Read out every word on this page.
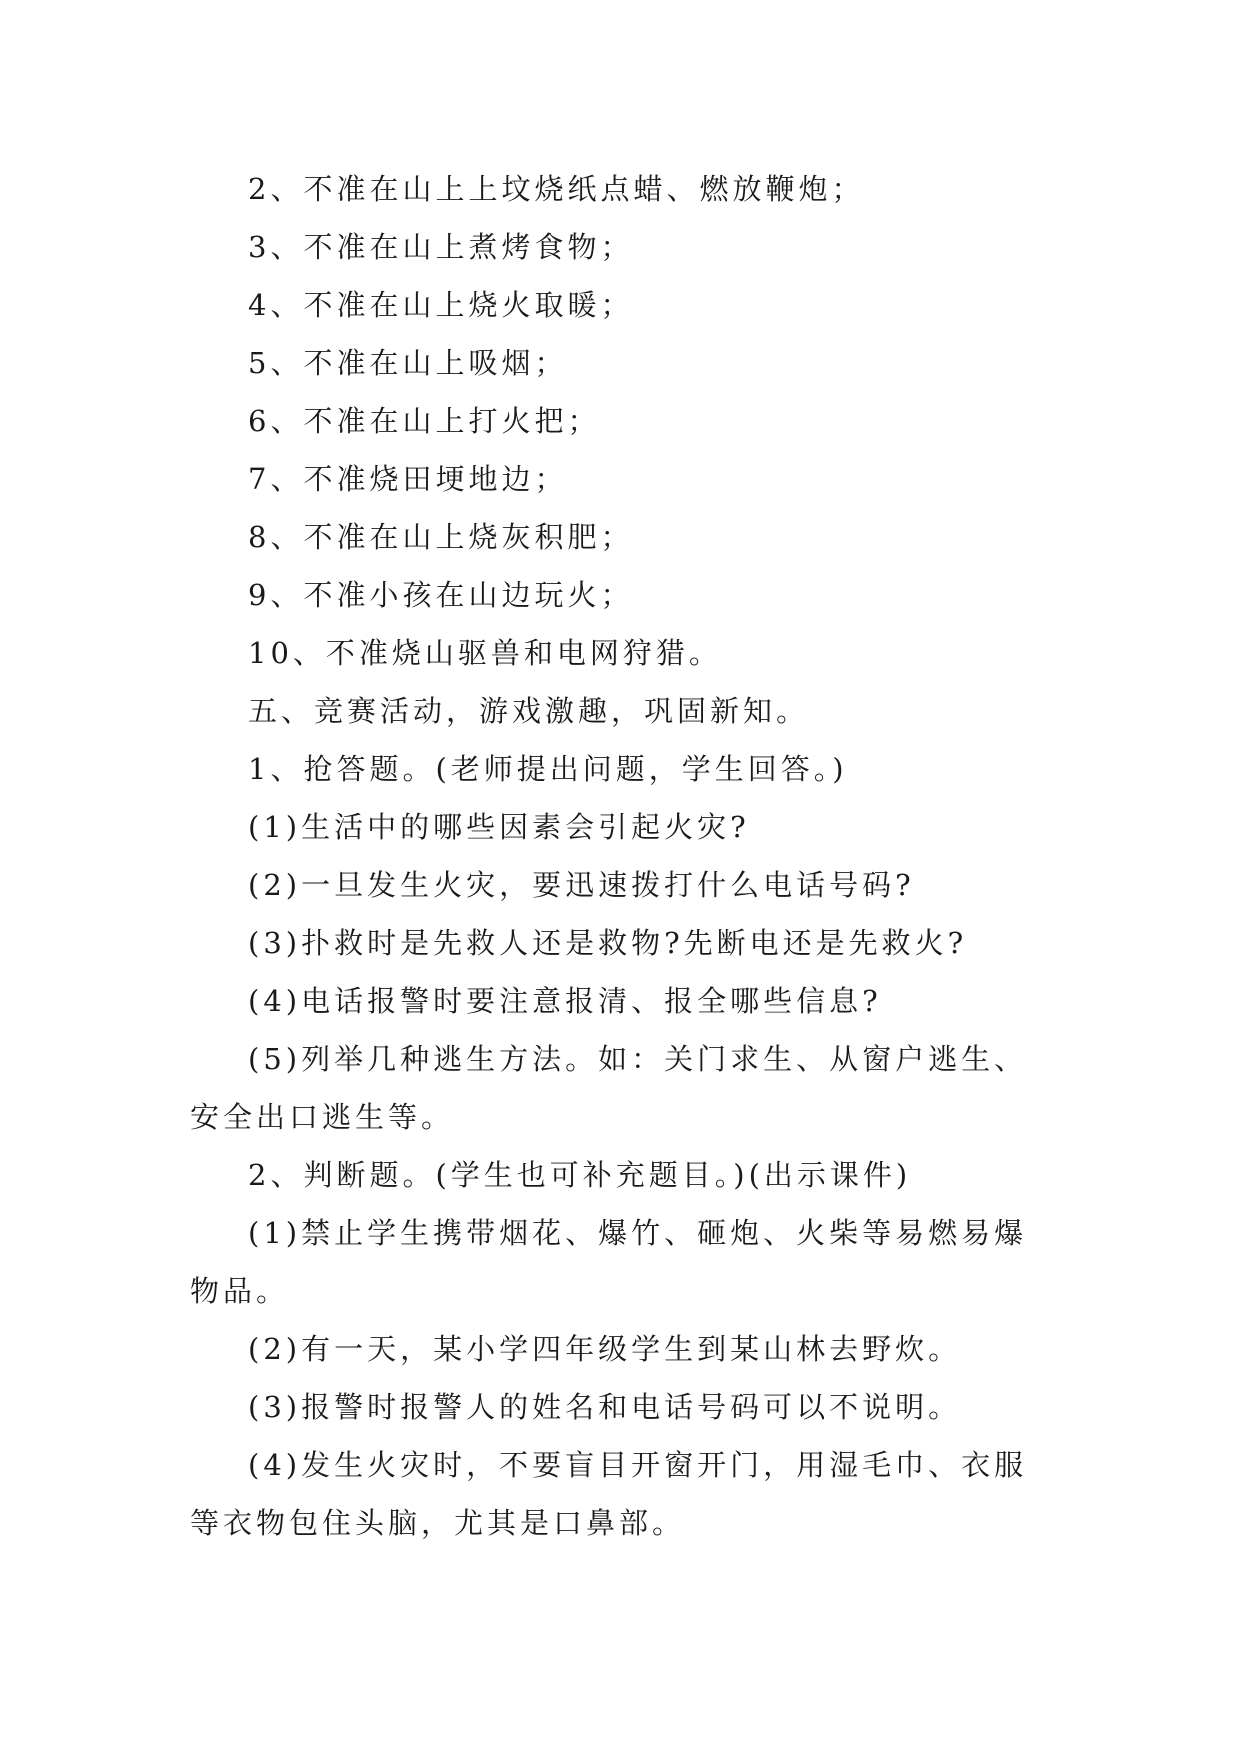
2、不准在山上上坟烧纸点蜡、燃放鞭炮；

3、不准在山上煮烤食物；

4、不准在山上烧火取暖；

5、不准在山上吸烟；

6、不准在山上打火把；

7、不准烧田埂地边；

8、不准在山上烧灰积肥；

9、不准小孩在山边玩火；

10、不准烧山驱兽和电网狩猎。

五、竞赛活动，游戏激趣，巩固新知。

1、抢答题。(老师提出问题，学生回答。)

(1)生活中的哪些因素会引起火灾?

(2)一旦发生火灾，要迅速拨打什么电话号码?

(3)扑救时是先救人还是救物?先断电还是先救火?

(4)电话报警时要注意报清、报全哪些信息?

(5)列举几种逃生方法。如：关门求生、从窗户逃生、安全出口逃生等。

2、判断题。(学生也可补充题目。)(出示课件)

(1)禁止学生携带烟花、爆竹、砸炮、火柴等易燃易爆物品。

(2)有一天，某小学四年级学生到某山林去野炊。

(3)报警时报警人的姓名和电话号码可以不说明。

(4)发生火灾时，不要盲目开窗开门，用湿毛巾、衣服等衣物包住头脑，尤其是口鼻部。
